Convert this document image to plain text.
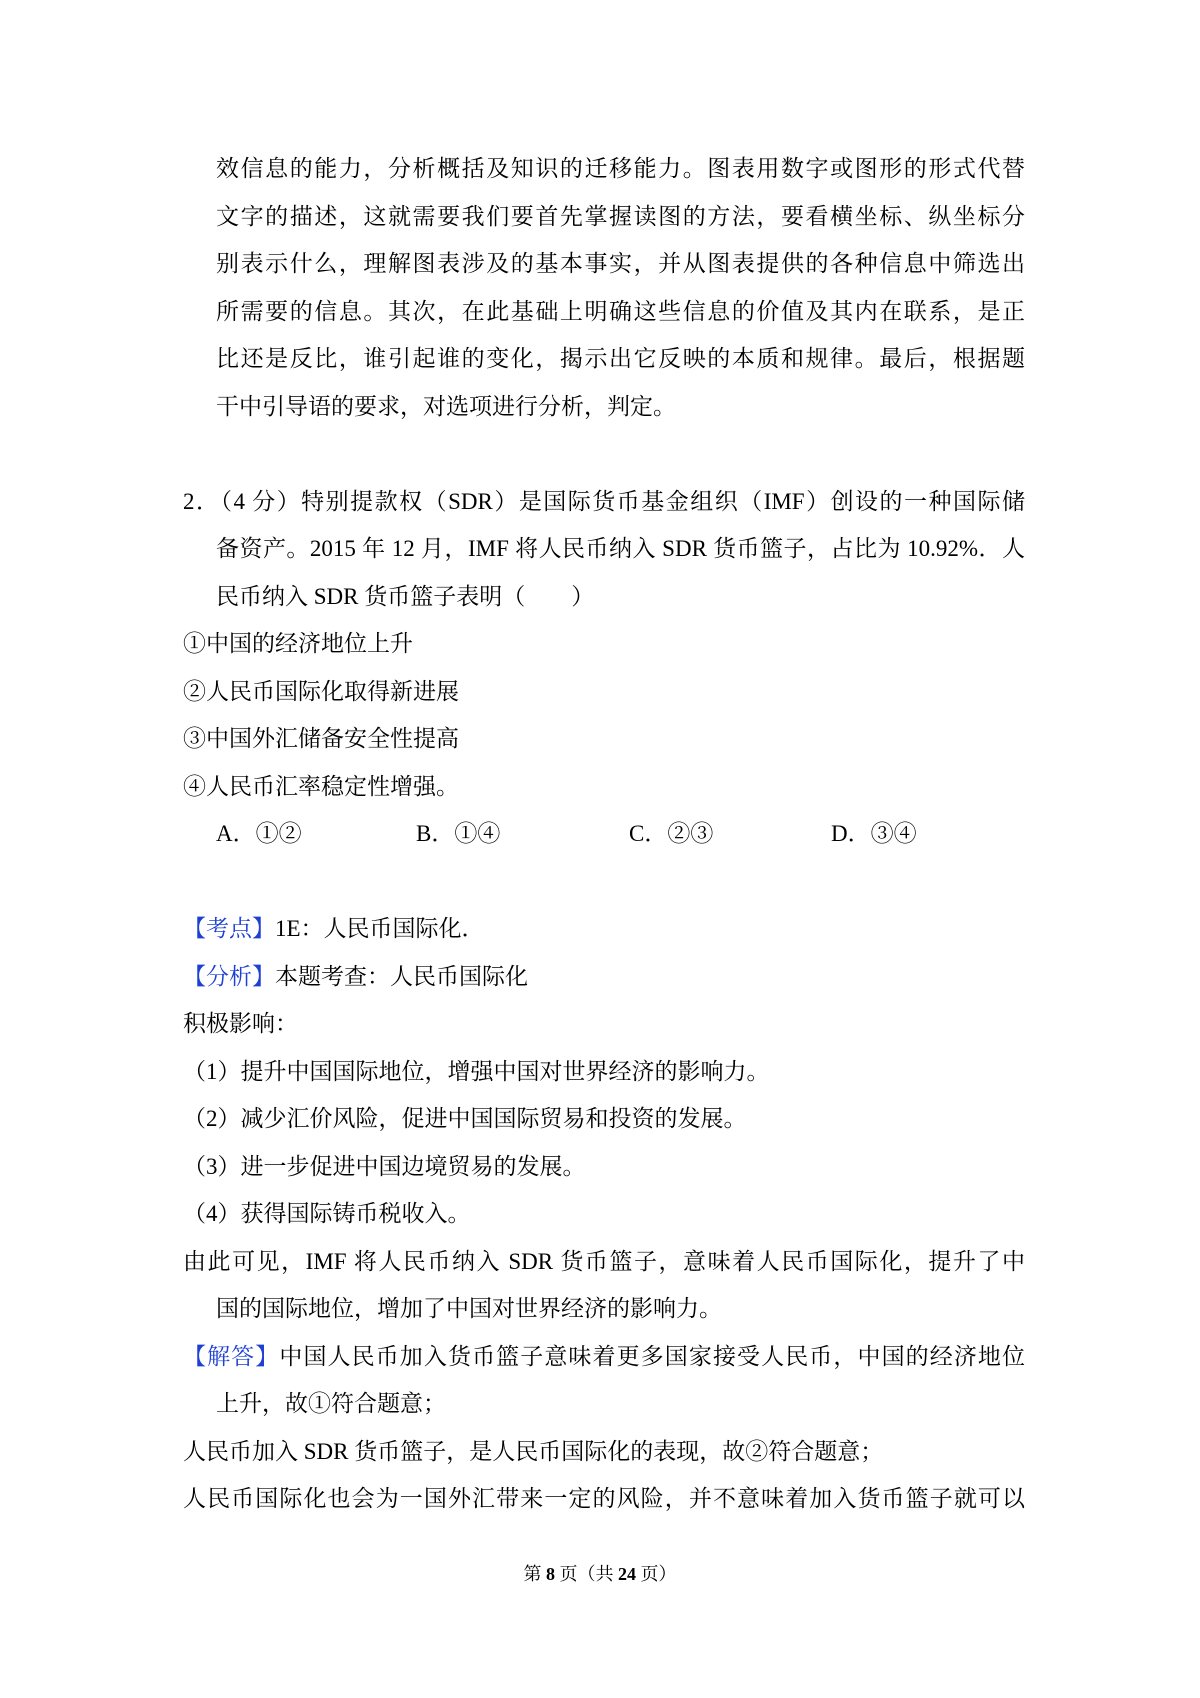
效信息的能力，分析概括及知识的迁移能力。图表用数字或图形的形式代替
文字的描述，这就需要我们要首先掌握读图的方法，要看横坐标、纵坐标分
别表示什么，理解图表涉及的基本事实，并从图表提供的各种信息中筛选出
所需要的信息。其次，在此基础上明确这些信息的价值及其内在联系，是正
比还是反比，谁引起谁的变化，揭示出它反映的本质和规律。最后，根据题
干中引导语的要求，对选项进行分析，判定。
2．（4 分）特别提款权（SDR）是国际货币基金组织（IMF）创设的一种国际储
备资产。2015 年 12 月，IMF 将人民币纳入 SDR 货币篮子，占比为 10.92%．人
民币纳入 SDR 货币篮子表明（　　）
①中国的经济地位上升
②人民币国际化取得新进展
③中国外汇储备安全性提高
④人民币汇率稳定性增强。
A．①②	B．①④	C．②③	D．③④
【考点】1E：人民币国际化．
【分析】本题考查：人民币国际化
积极影响：
（1）提升中国国际地位，增强中国对世界经济的影响力。
（2）减少汇价风险，促进中国国际贸易和投资的发展。
（3）进一步促进中国边境贸易的发展。
（4）获得国际铸币税收入。
由此可见，IMF 将人民币纳入 SDR 货币篮子，意味着人民币国际化，提升了中
国的国际地位，增加了中国对世界经济的影响力。
【解答】中国人民币加入货币篮子意味着更多国家接受人民币，中国的经济地位
上升，故①符合题意；
人民币加入 SDR 货币篮子，是人民币国际化的表现，故②符合题意；
人民币国际化也会为一国外汇带来一定的风险，并不意味着加入货币篮子就可以
第 8 页（共 24 页）
